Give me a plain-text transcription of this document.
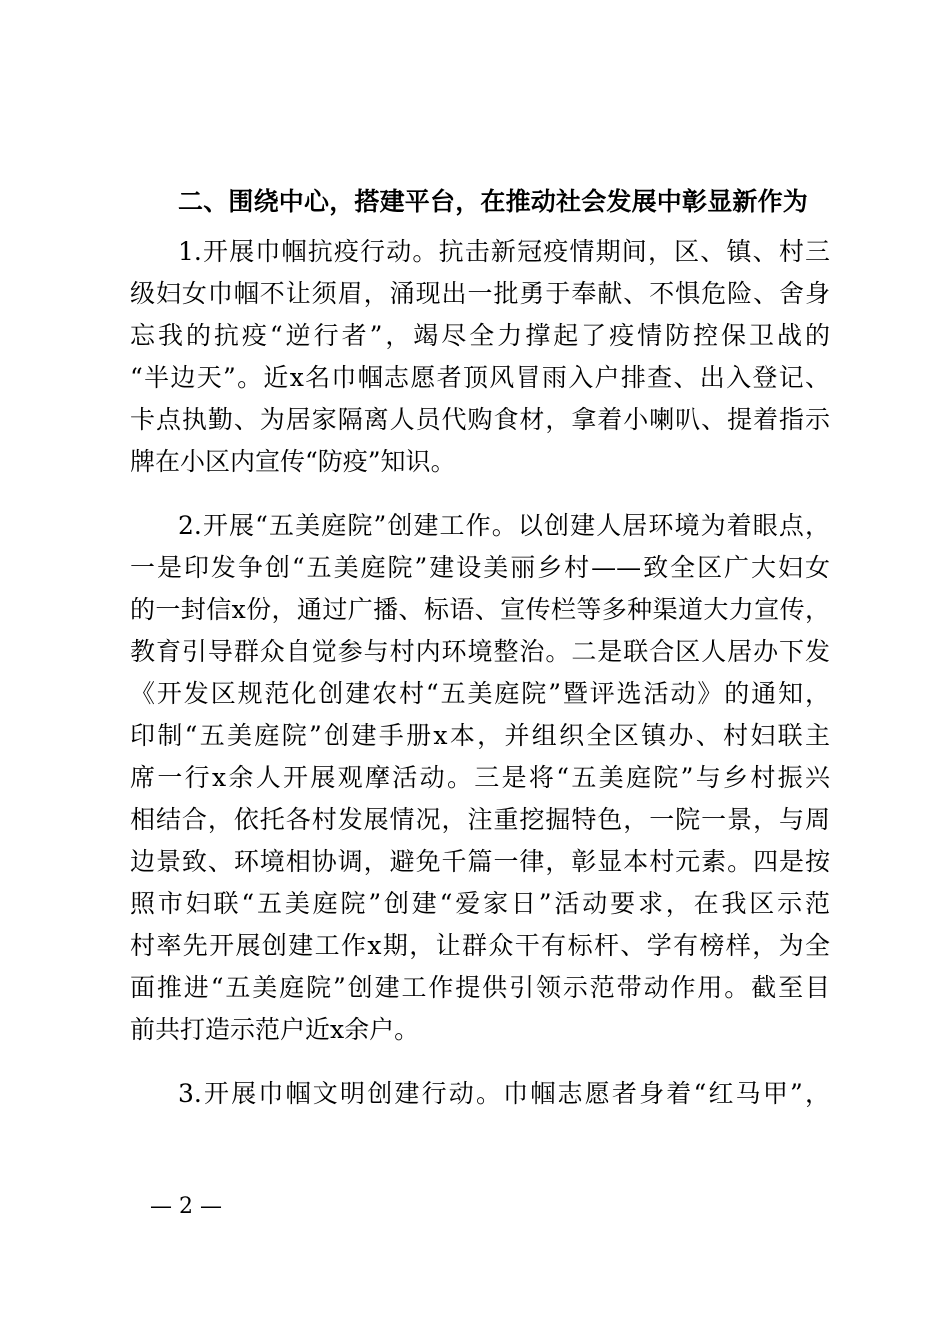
二、围绕中心，搭建平台，在推动社会发展中彰显新作为
1.开展巾帼抗疫行动。抗击新冠疫情期间，区、镇、村三
级妇女巾帼不让须眉，涌现出一批勇于奉献、不惧危险、舍身
忘我的抗疫“逆行者”，竭尽全力撑起了疫情防控保卫战的
“半边天”。近x名巾帼志愿者顶风冒雨入户排查、出入登记、
卡点执勤、为居家隔离人员代购食材，拿着小喇叭、提着指示
牌在小区内宣传“防疫”知识。
2.开展“五美庭院”创建工作。以创建人居环境为着眼点，
一是印发争创“五美庭院”建设美丽乡村——致全区广大妇女
的一封信x份，通过广播、标语、宣传栏等多种渠道大力宣传，
教育引导群众自觉参与村内环境整治。二是联合区人居办下发
《开发区规范化创建农村“五美庭院”暨评选活动》的通知，
印制“五美庭院”创建手册x本，并组织全区镇办、村妇联主
席一行x余人开展观摩活动。三是将“五美庭院”与乡村振兴
相结合，依托各村发展情况，注重挖掘特色，一院一景，与周
边景致、环境相协调，避免千篇一律，彰显本村元素。四是按
照市妇联“五美庭院”创建“爱家日”活动要求，在我区示范
村率先开展创建工作x期，让群众干有标杆、学有榜样，为全
面推进“五美庭院”创建工作提供引领示范带动作用。截至目
前共打造示范户近x余户。
3.开展巾帼文明创建行动。巾帼志愿者身着“红马甲”，
— 2 —
